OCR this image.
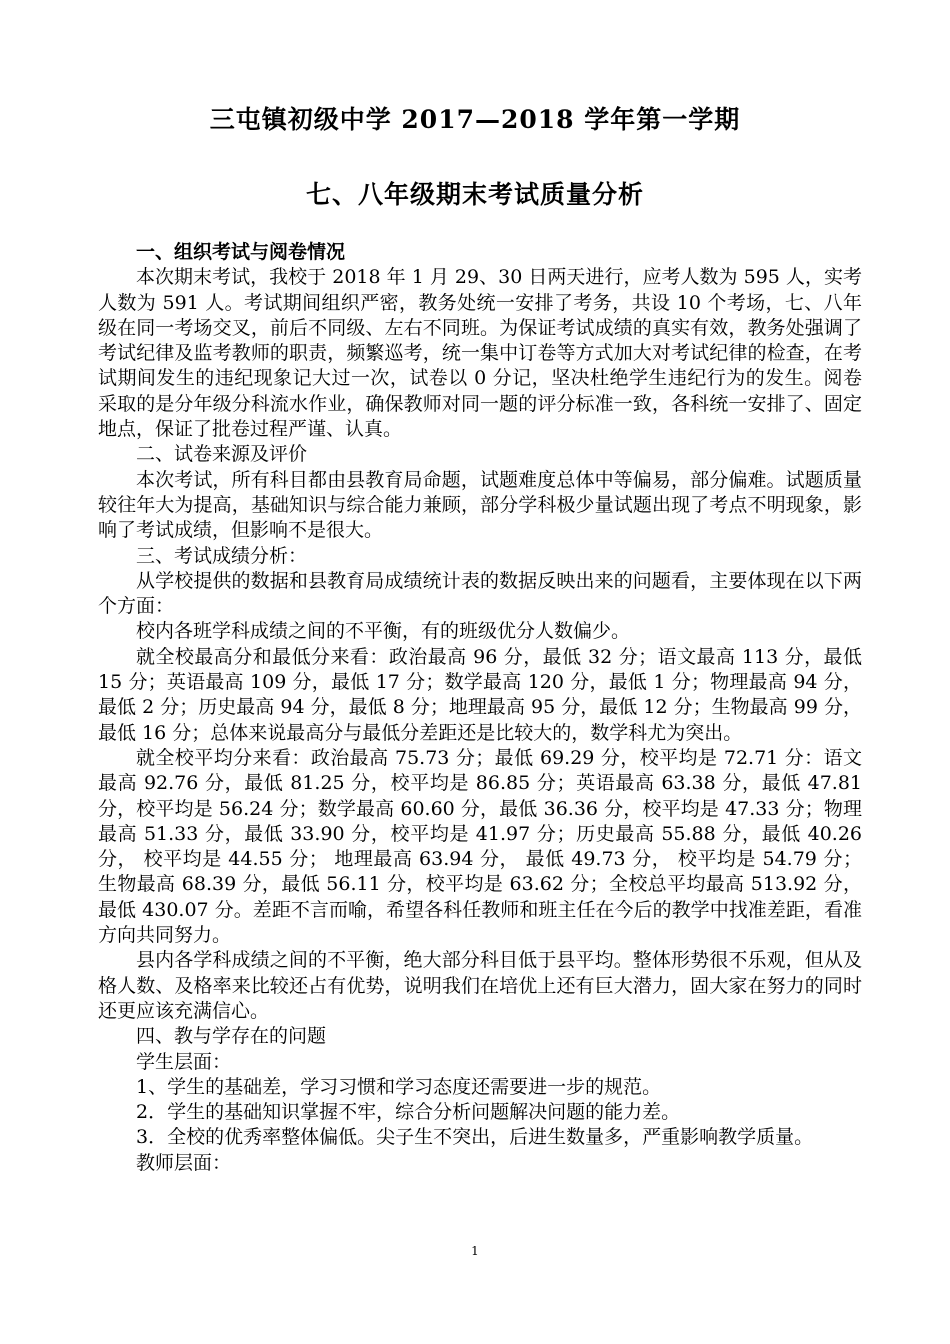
三屯镇初级中学 2017—2018 学年第一学期
七、八年级期末考试质量分析

一、组织考试与阅卷情况

本次期末考试，我校于 2018 年 1 月 29、30 日两天进行，应考人数为 595 人，实考人数为 591 人。考试期间组织严密，教务处统一安排了考务，共设 10 个考场，七、八年级在同一考场交叉，前后不同级、左右不同班。为保证考试成绩的真实有效，教务处强调了考试纪律及监考教师的职责，频繁巡考，统一集中订卷等方式加大对考试纪律的检查，在考试期间发生的违纪现象记大过一次，试卷以 0 分记，坚决杜绝学生违纪行为的发生。阅卷采取的是分年级分科流水作业，确保教师对同一题的评分标准一致，各科统一安排了、固定地点，保证了批卷过程严谨、认真。

二、试卷来源及评价

本次考试，所有科目都由县教育局命题，试题难度总体中等偏易，部分偏难。试题质量较往年大为提高，基础知识与综合能力兼顾，部分学科极少量试题出现了考点不明现象，影响了考试成绩，但影响不是很大。

三、考试成绩分析：

从学校提供的数据和县教育局成绩统计表的数据反映出来的问题看，主要体现在以下两个方面：

校内各班学科成绩之间的不平衡，有的班级优分人数偏少。

就全校最高分和最低分来看：政治最高 96 分，最低 32 分；语文最高 113 分，最低 15 分；英语最高 109 分，最低 17 分；数学最高 120 分，最低 1 分；物理最高 94 分，最低 2 分；历史最高 94 分，最低 8 分；地理最高 95 分，最低 12 分；生物最高 99 分，最低 16 分；总体来说最高分与最低分差距还是比较大的，数学科尤为突出。

就全校平均分来看：政治最高 75.73 分；最低 69.29 分，校平均是 72.71 分：语文最高 92.76 分，最低 81.25 分，校平均是 86.85 分；英语最高 63.38 分，最低 47.81 分，校平均是 56.24 分；数学最高 60.60 分，最低 36.36 分，校平均是 47.33 分；物理最高 51.33 分，最低 33.90 分，校平均是 41.97 分；历史最高 55.88 分，最低 40.26 分， 校平均是 44.55 分； 地理最高 63.94 分， 最低 49.73 分， 校平均是 54.79 分；生物最高 68.39 分，最低 56.11 分，校平均是 63.62 分；全校总平均最高 513.92 分，最低 430.07 分。差距不言而喻，希望各科任教师和班主任在今后的教学中找准差距，看准方向共同努力。

县内各学科成绩之间的不平衡，绝大部分科目低于县平均。整体形势很不乐观，但从及格人数、及格率来比较还占有优势，说明我们在培优上还有巨大潜力，固大家在努力的同时还更应该充满信心。

四、教与学存在的问题

学生层面：

1、学生的基础差，学习习惯和学习态度还需要进一步的规范。

2．学生的基础知识掌握不牢，综合分析问题解决问题的能力差。

3．全校的优秀率整体偏低。尖子生不突出，后进生数量多，严重影响教学质量。

教师层面：

1
